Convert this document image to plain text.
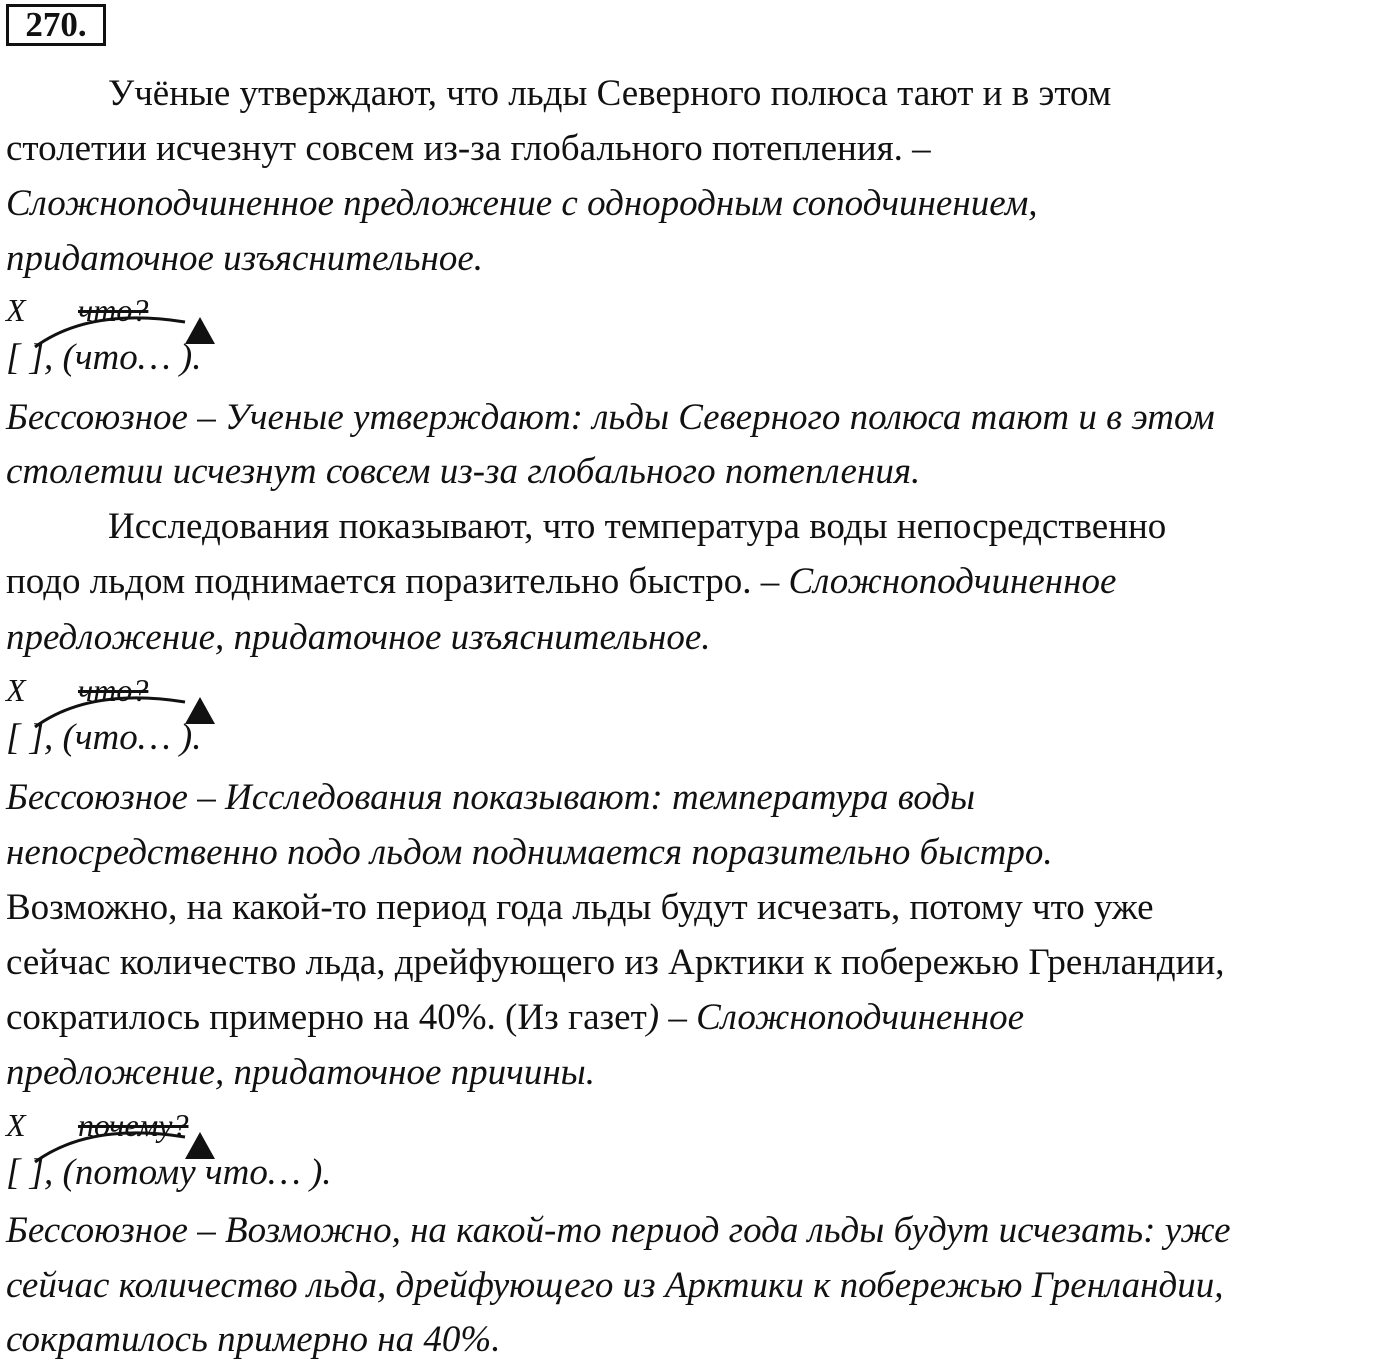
270.
Учёные утверждают, что льды Северного полюса тают и в этом
столетии исчезнут совсем из-за глобального потепления. –
Сложноподчиненное предложение с однородным соподчинением,
придаточное изъяснительное.
Х что?
[ ], (что… ).
Бессоюзное – Ученые утверждают: льды Северного полюса тают и в этом
столетии исчезнут совсем из-за глобального потепления.
Исследования показывают, что температура воды непосредственно
подо льдом поднимается поразительно быстро. – Сложноподчиненное
предложение, придаточное изъяснительное.
Х что?
[ ], (что… ).
Бессоюзное – Исследования показывают: температура воды
непосредственно подо льдом поднимается поразительно быстро.
Возможно, на какой-то период года льды будут исчезать, потому что уже
сейчас количество льда, дрейфующего из Арктики к побережью Гренландии,
сократилось примерно на 40%. (Из газет) – Сложноподчиненное
предложение, придаточное причины.
Х почему?
[ ], (потому что… ).
Бессоюзное – Возможно, на какой-то период года льды будут исчезать: уже
сейчас количество льда, дрейфующего из Арктики к побережью Гренландии,
сократилось примерно на 40%.
